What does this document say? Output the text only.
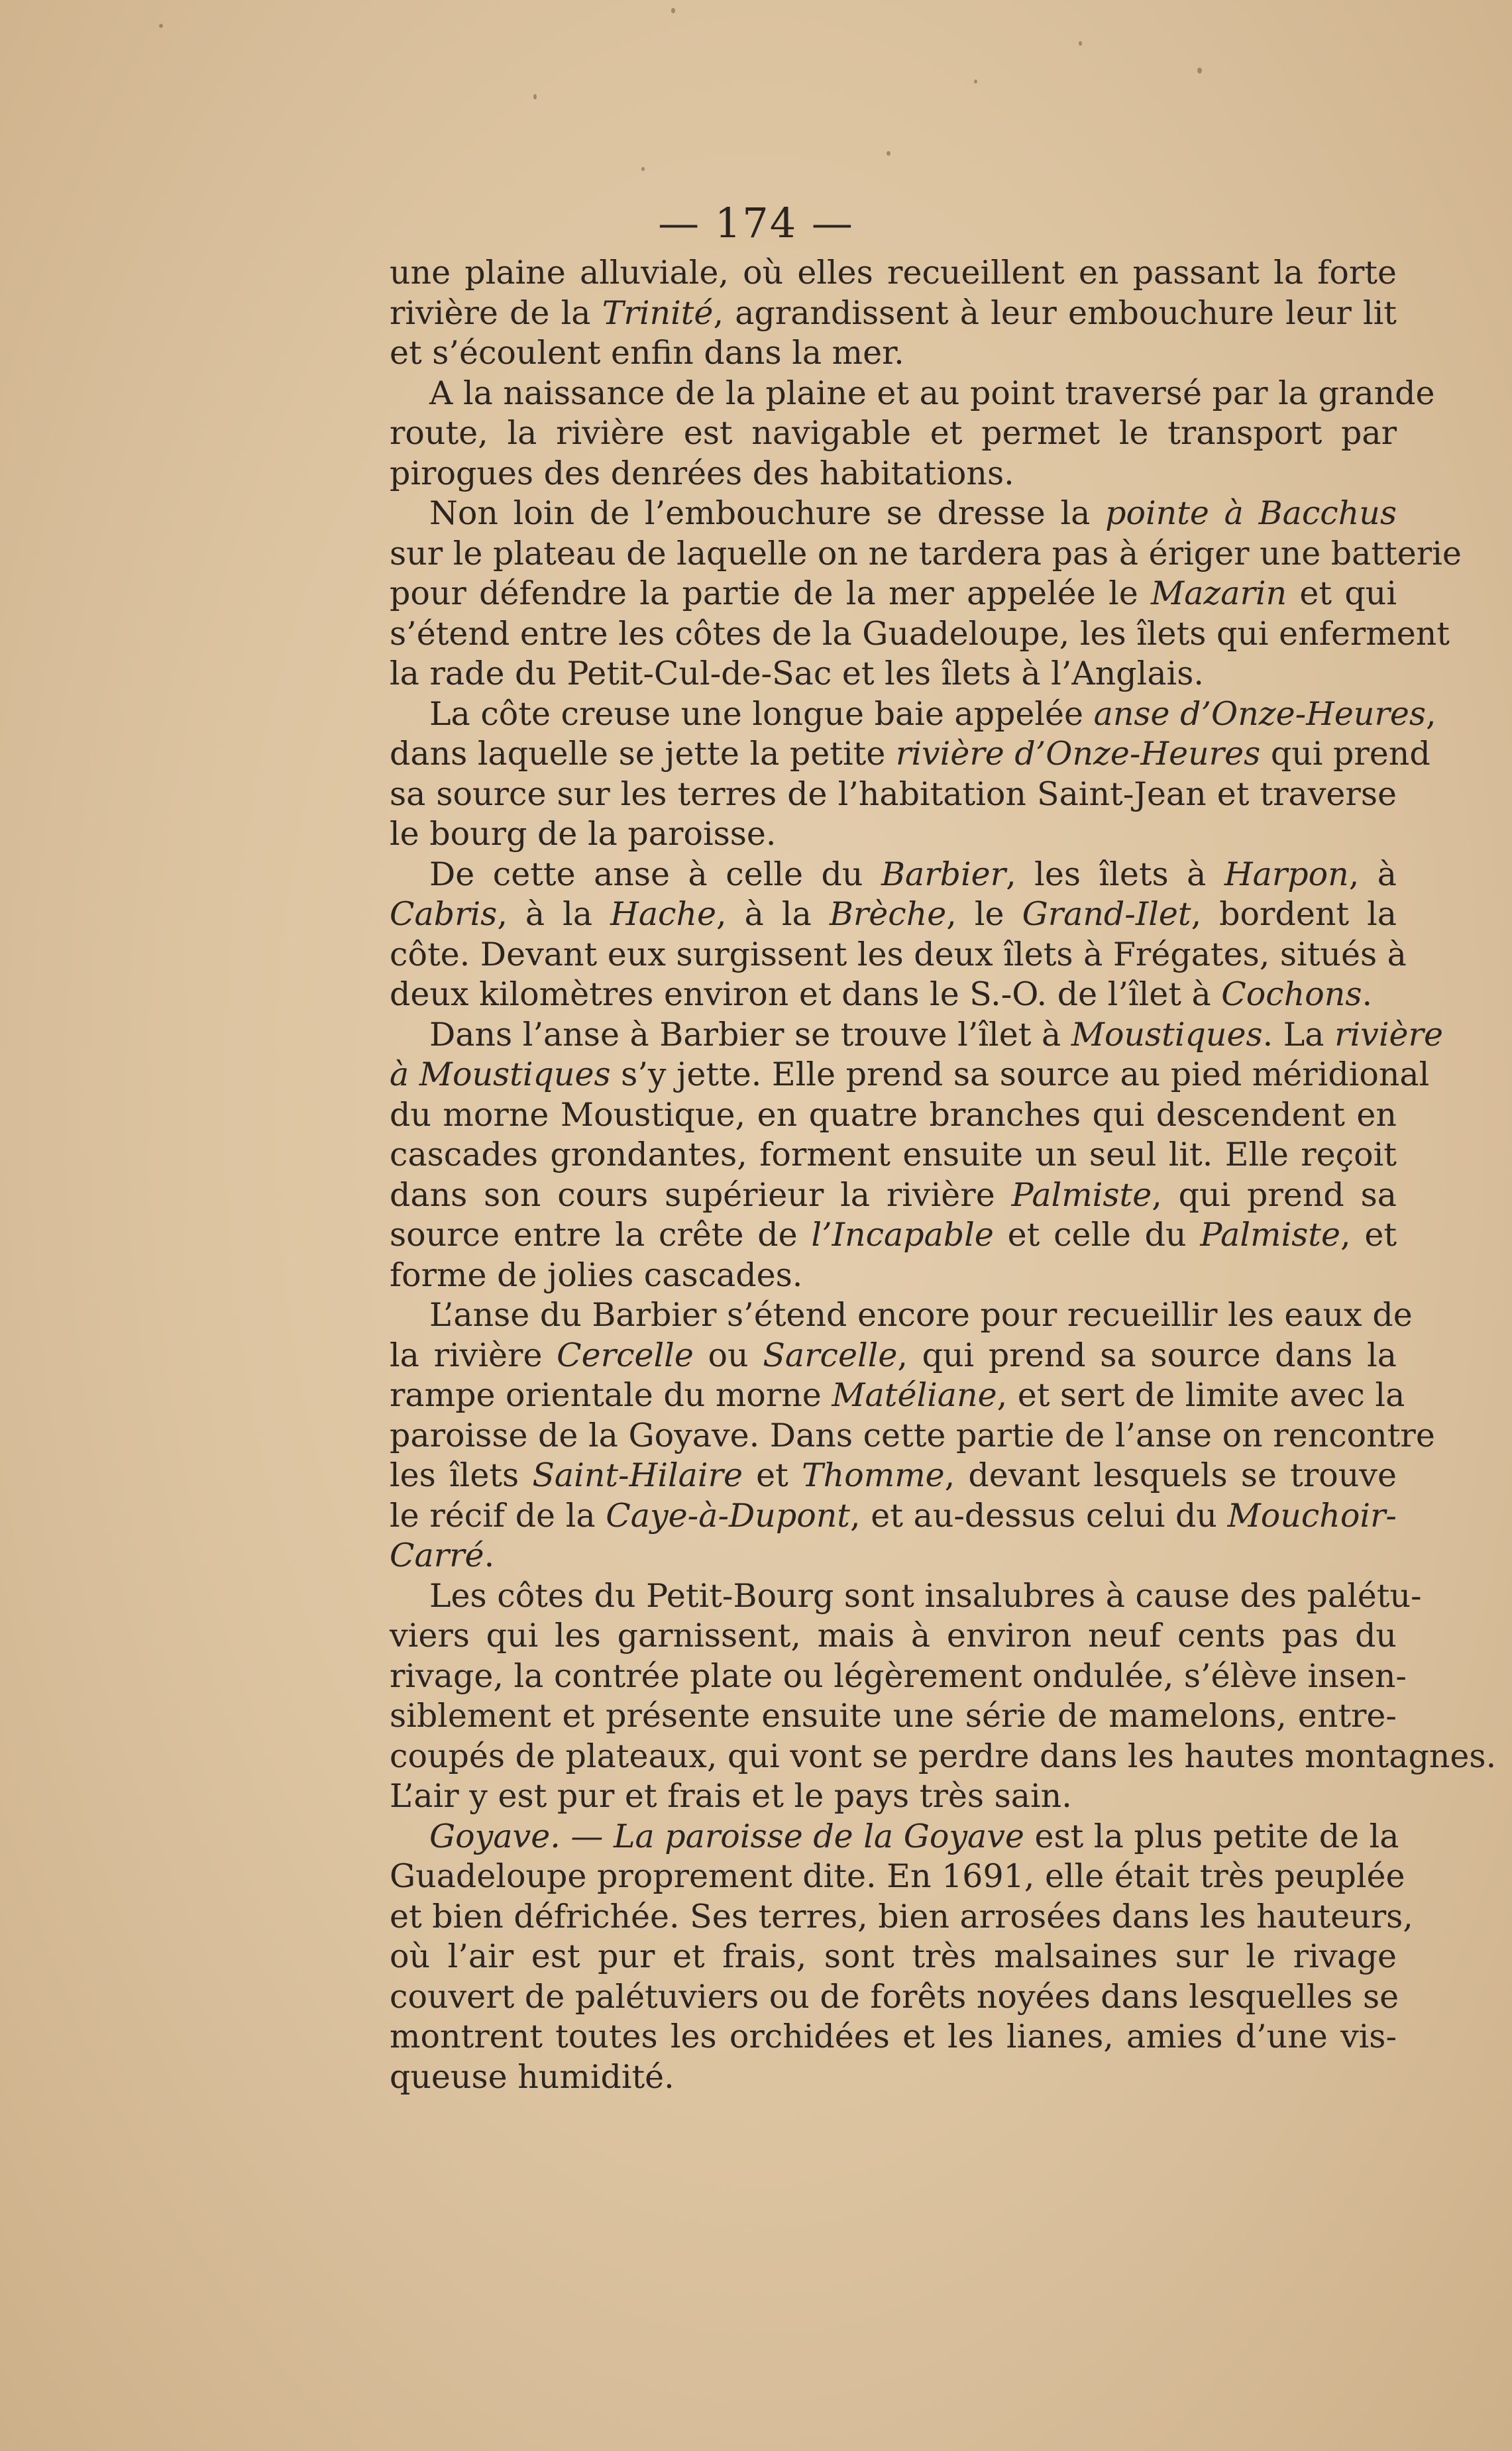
— 174 —
une plaine alluviale, où elles recueillent en passant la forte
rivière de la Trinité, agrandissent à leur embouchure leur lit
et s’écoulent enfin dans la mer.
A la naissance de la plaine et au point traversé par la grande
route, la rivière est navigable et permet le transport par
pirogues des denrées des habitations.
Non loin de l’embouchure se dresse la pointe à Bacchus
sur le plateau de laquelle on ne tardera pas à ériger une batterie
pour défendre la partie de la mer appelée le Mazarin et qui
s’étend entre les côtes de la Guadeloupe, les îlets qui enferment
la rade du Petit-Cul-de-Sac et les îlets à l’Anglais.
La côte creuse une longue baie appelée anse d’Onze-Heures,
dans laquelle se jette la petite rivière d’Onze-Heures qui prend
sa source sur les terres de l’habitation Saint-Jean et traverse
le bourg de la paroisse.
De cette anse à celle du Barbier, les îlets à Harpon, à
Cabris, à la Hache, à la Brèche, le Grand-Ilet, bordent la
côte. Devant eux surgissent les deux îlets à Frégates, situés à
deux kilomètres environ et dans le S.-O. de l’îlet à Cochons.
Dans l’anse à Barbier se trouve l’îlet à Moustiques. La rivière
à Moustiques s’y jette. Elle prend sa source au pied méridional
du morne Moustique, en quatre branches qui descendent en
cascades grondantes, forment ensuite un seul lit. Elle reçoit
dans son cours supérieur la rivière Palmiste, qui prend sa
source entre la crête de l’Incapable et celle du Palmiste, et
forme de jolies cascades.
L’anse du Barbier s’étend encore pour recueillir les eaux de
la rivière Cercelle ou Sarcelle, qui prend sa source dans la
rampe orientale du morne Matéliane, et sert de limite avec la
paroisse de la Goyave. Dans cette partie de l’anse on rencontre
les îlets Saint-Hilaire et Thomme, devant lesquels se trouve
le récif de la Caye-à-Dupont, et au-dessus celui du Mouchoir-
Carré.
Les côtes du Petit-Bourg sont insalubres à cause des palétu-
viers qui les garnissent, mais à environ neuf cents pas du
rivage, la contrée plate ou légèrement ondulée, s’élève insen-
siblement et présente ensuite une série de mamelons, entre-
coupés de plateaux, qui vont se perdre dans les hautes montagnes.
L’air y est pur et frais et le pays très sain.
Goyave. — La paroisse de la Goyave est la plus petite de la
Guadeloupe proprement dite. En 1691, elle était très peuplée
et bien défrichée. Ses terres, bien arrosées dans les hauteurs,
où l’air est pur et frais, sont très malsaines sur le rivage
couvert de palétuviers ou de forêts noyées dans lesquelles se
montrent toutes les orchidées et les lianes, amies d’une vis-
queuse humidité.
